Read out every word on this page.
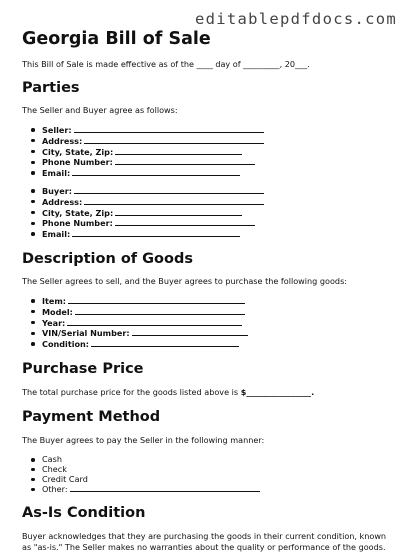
editablepdfdocs.com
Georgia Bill of Sale

This Bill of Sale is made effective as of the ____ day of _________, 20___.

Parties

The Seller and Buyer agree as follows:

Seller:
Address:
City, State, Zip:
Phone Number:
Email:
Buyer:
Address:
City, State, Zip:
Phone Number:
Email:
Description of Goods

The Seller agrees to sell, and the Buyer agrees to purchase the following goods:

Item:
Model:
Year:
VIN/Serial Number:
Condition:
Purchase Price

The total purchase price for the goods listed above is $________________.

Payment Method

The Buyer agrees to pay the Seller in the following manner:

Cash
Check
Credit Card
Other:
As-Is Condition

Buyer acknowledges that they are purchasing the goods in their current condition, known as "as-is." The Seller makes no warranties about the quality or performance of the goods.
